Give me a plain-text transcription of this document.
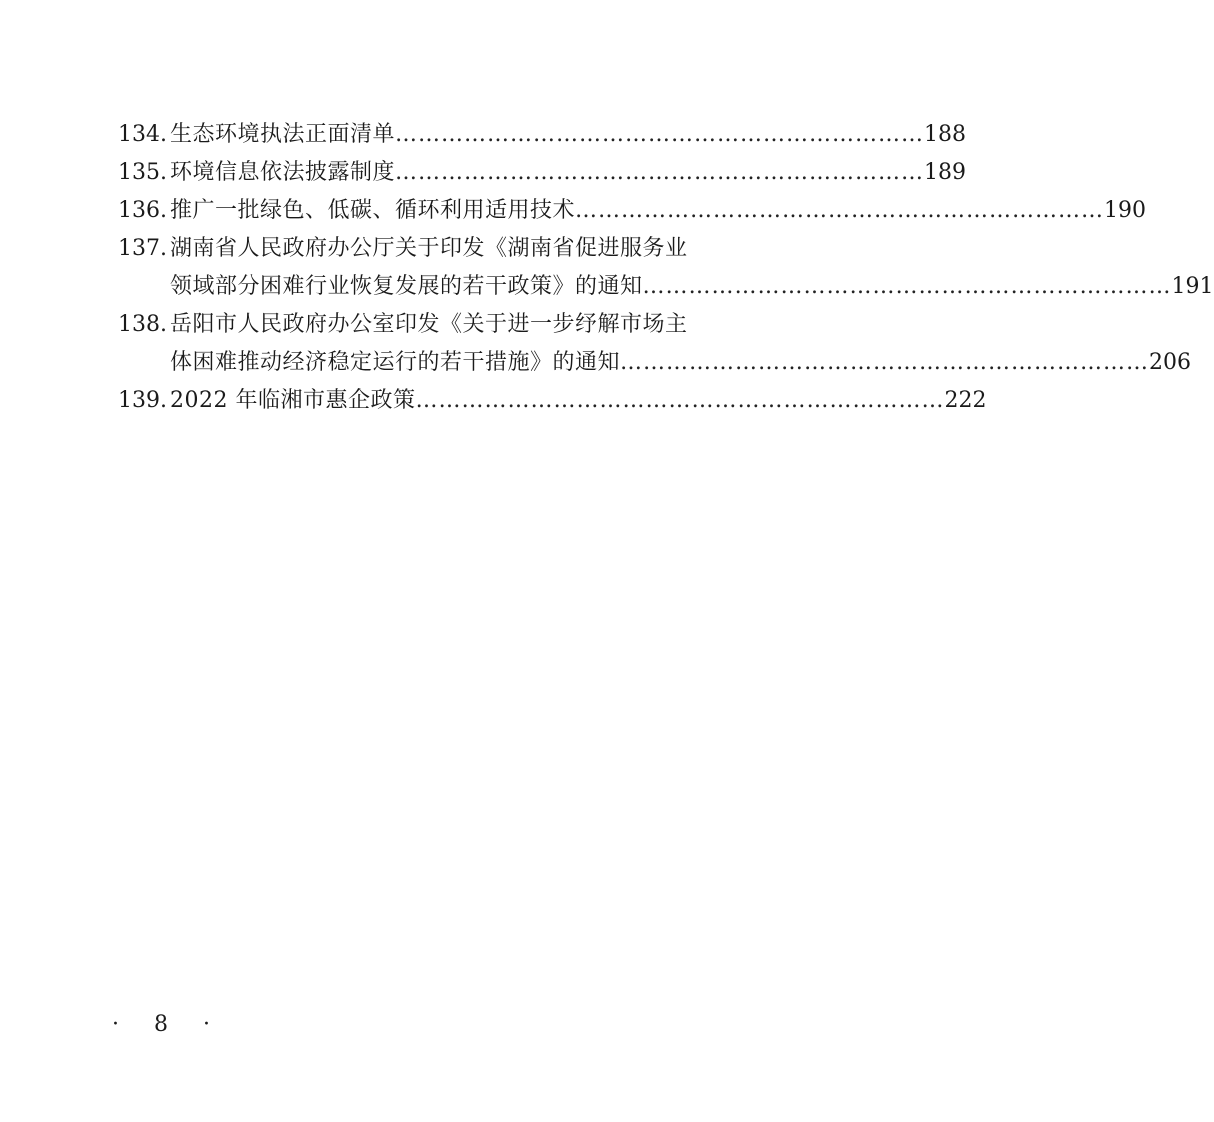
134. 生态环境执法正面清单 …………………………………………………………… 188
135. 环境信息依法披露制度 …………………………………………………………… 189
136. 推广一批绿色、低碳、循环利用适用技术 …………………………………………………………… 190
137. 湖南省人民政府办公厅关于印发《湖南省促进服务业
领域部分困难行业恢复发展的若干政策》的通知 …………………………………………………………… 191
138. 岳阳市人民政府办公室印发《关于进一步纾解市场主
体困难推动经济稳定运行的若干措施》的通知 …………………………………………………………… 206
139. 2022 年临湘市惠企政策 …………………………………………………………… 222
· 8 ·
